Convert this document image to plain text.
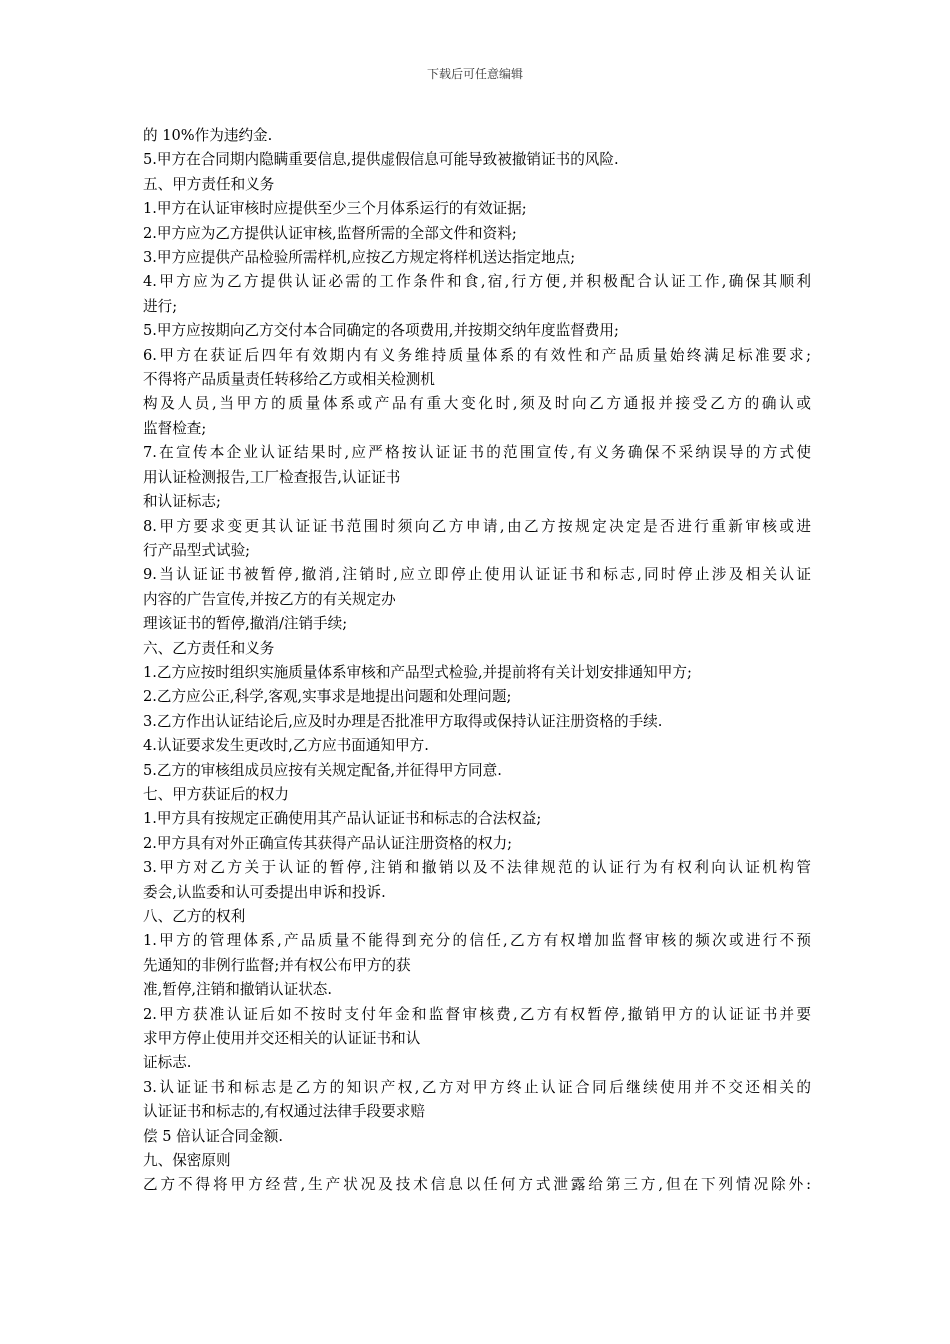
下载后可任意编辑
的 10%作为违约金.
5.甲方在合同期内隐瞒重要信息,提供虚假信息可能导致被撤销证书的风险.
五、甲方责任和义务
1.甲方在认证审核时应提供至少三个月体系运行的有效证据;
2.甲方应为乙方提供认证审核,监督所需的全部文件和资料;
3.甲方应提供产品检验所需样机,应按乙方规定将样机送达指定地点;
4.甲方应为乙方提供认证必需的工作条件和食,宿,行方便,并积极配合认证工作,确保其顺利
进行;
5.甲方应按期向乙方交付本合同确定的各项费用,并按期交纳年度监督费用;
6.甲方在获证后四年有效期内有义务维持质量体系的有效性和产品质量始终满足标准要求;
不得将产品质量责任转移给乙方或相关检测机
构及人员,当甲方的质量体系或产品有重大变化时,须及时向乙方通报并接受乙方的确认或
监督检查;
7.在宣传本企业认证结果时,应严格按认证证书的范围宣传,有义务确保不采纳误导的方式使
用认证检测报告,工厂检查报告,认证证书
和认证标志;
8.甲方要求变更其认证证书范围时须向乙方申请,由乙方按规定决定是否进行重新审核或进
行产品型式试验;
9.当认证证书被暂停,撤消,注销时,应立即停止使用认证证书和标志,同时停止涉及相关认证
内容的广告宣传,并按乙方的有关规定办
理该证书的暂停,撤消/注销手续;
六、乙方责任和义务
1.乙方应按时组织实施质量体系审核和产品型式检验,并提前将有关计划安排通知甲方;
2.乙方应公正,科学,客观,实事求是地提出问题和处理问题;
3.乙方作出认证结论后,应及时办理是否批准甲方取得或保持认证注册资格的手续.
4.认证要求发生更改时,乙方应书面通知甲方.
5.乙方的审核组成员应按有关规定配备,并征得甲方同意.
七、甲方获证后的权力
1.甲方具有按规定正确使用其产品认证证书和标志的合法权益;
2.甲方具有对外正确宣传其获得产品认证注册资格的权力;
3.甲方对乙方关于认证的暂停,注销和撤销以及不法律规范的认证行为有权利向认证机构管
委会,认监委和认可委提出申诉和投诉.
八、乙方的权利
1.甲方的管理体系,产品质量不能得到充分的信任,乙方有权增加监督审核的频次或进行不预
先通知的非例行监督;并有权公布甲方的获
准,暂停,注销和撤销认证状态.
2.甲方获准认证后如不按时支付年金和监督审核费,乙方有权暂停,撤销甲方的认证证书并要
求甲方停止使用并交还相关的认证证书和认
证标志.
3.认证证书和标志是乙方的知识产权,乙方对甲方终止认证合同后继续使用并不交还相关的
认证证书和标志的,有权通过法律手段要求赔
偿 5 倍认证合同金额.
九、保密原则
乙方不得将甲方经营,生产状况及技术信息以任何方式泄露给第三方,但在下列情况除外:
